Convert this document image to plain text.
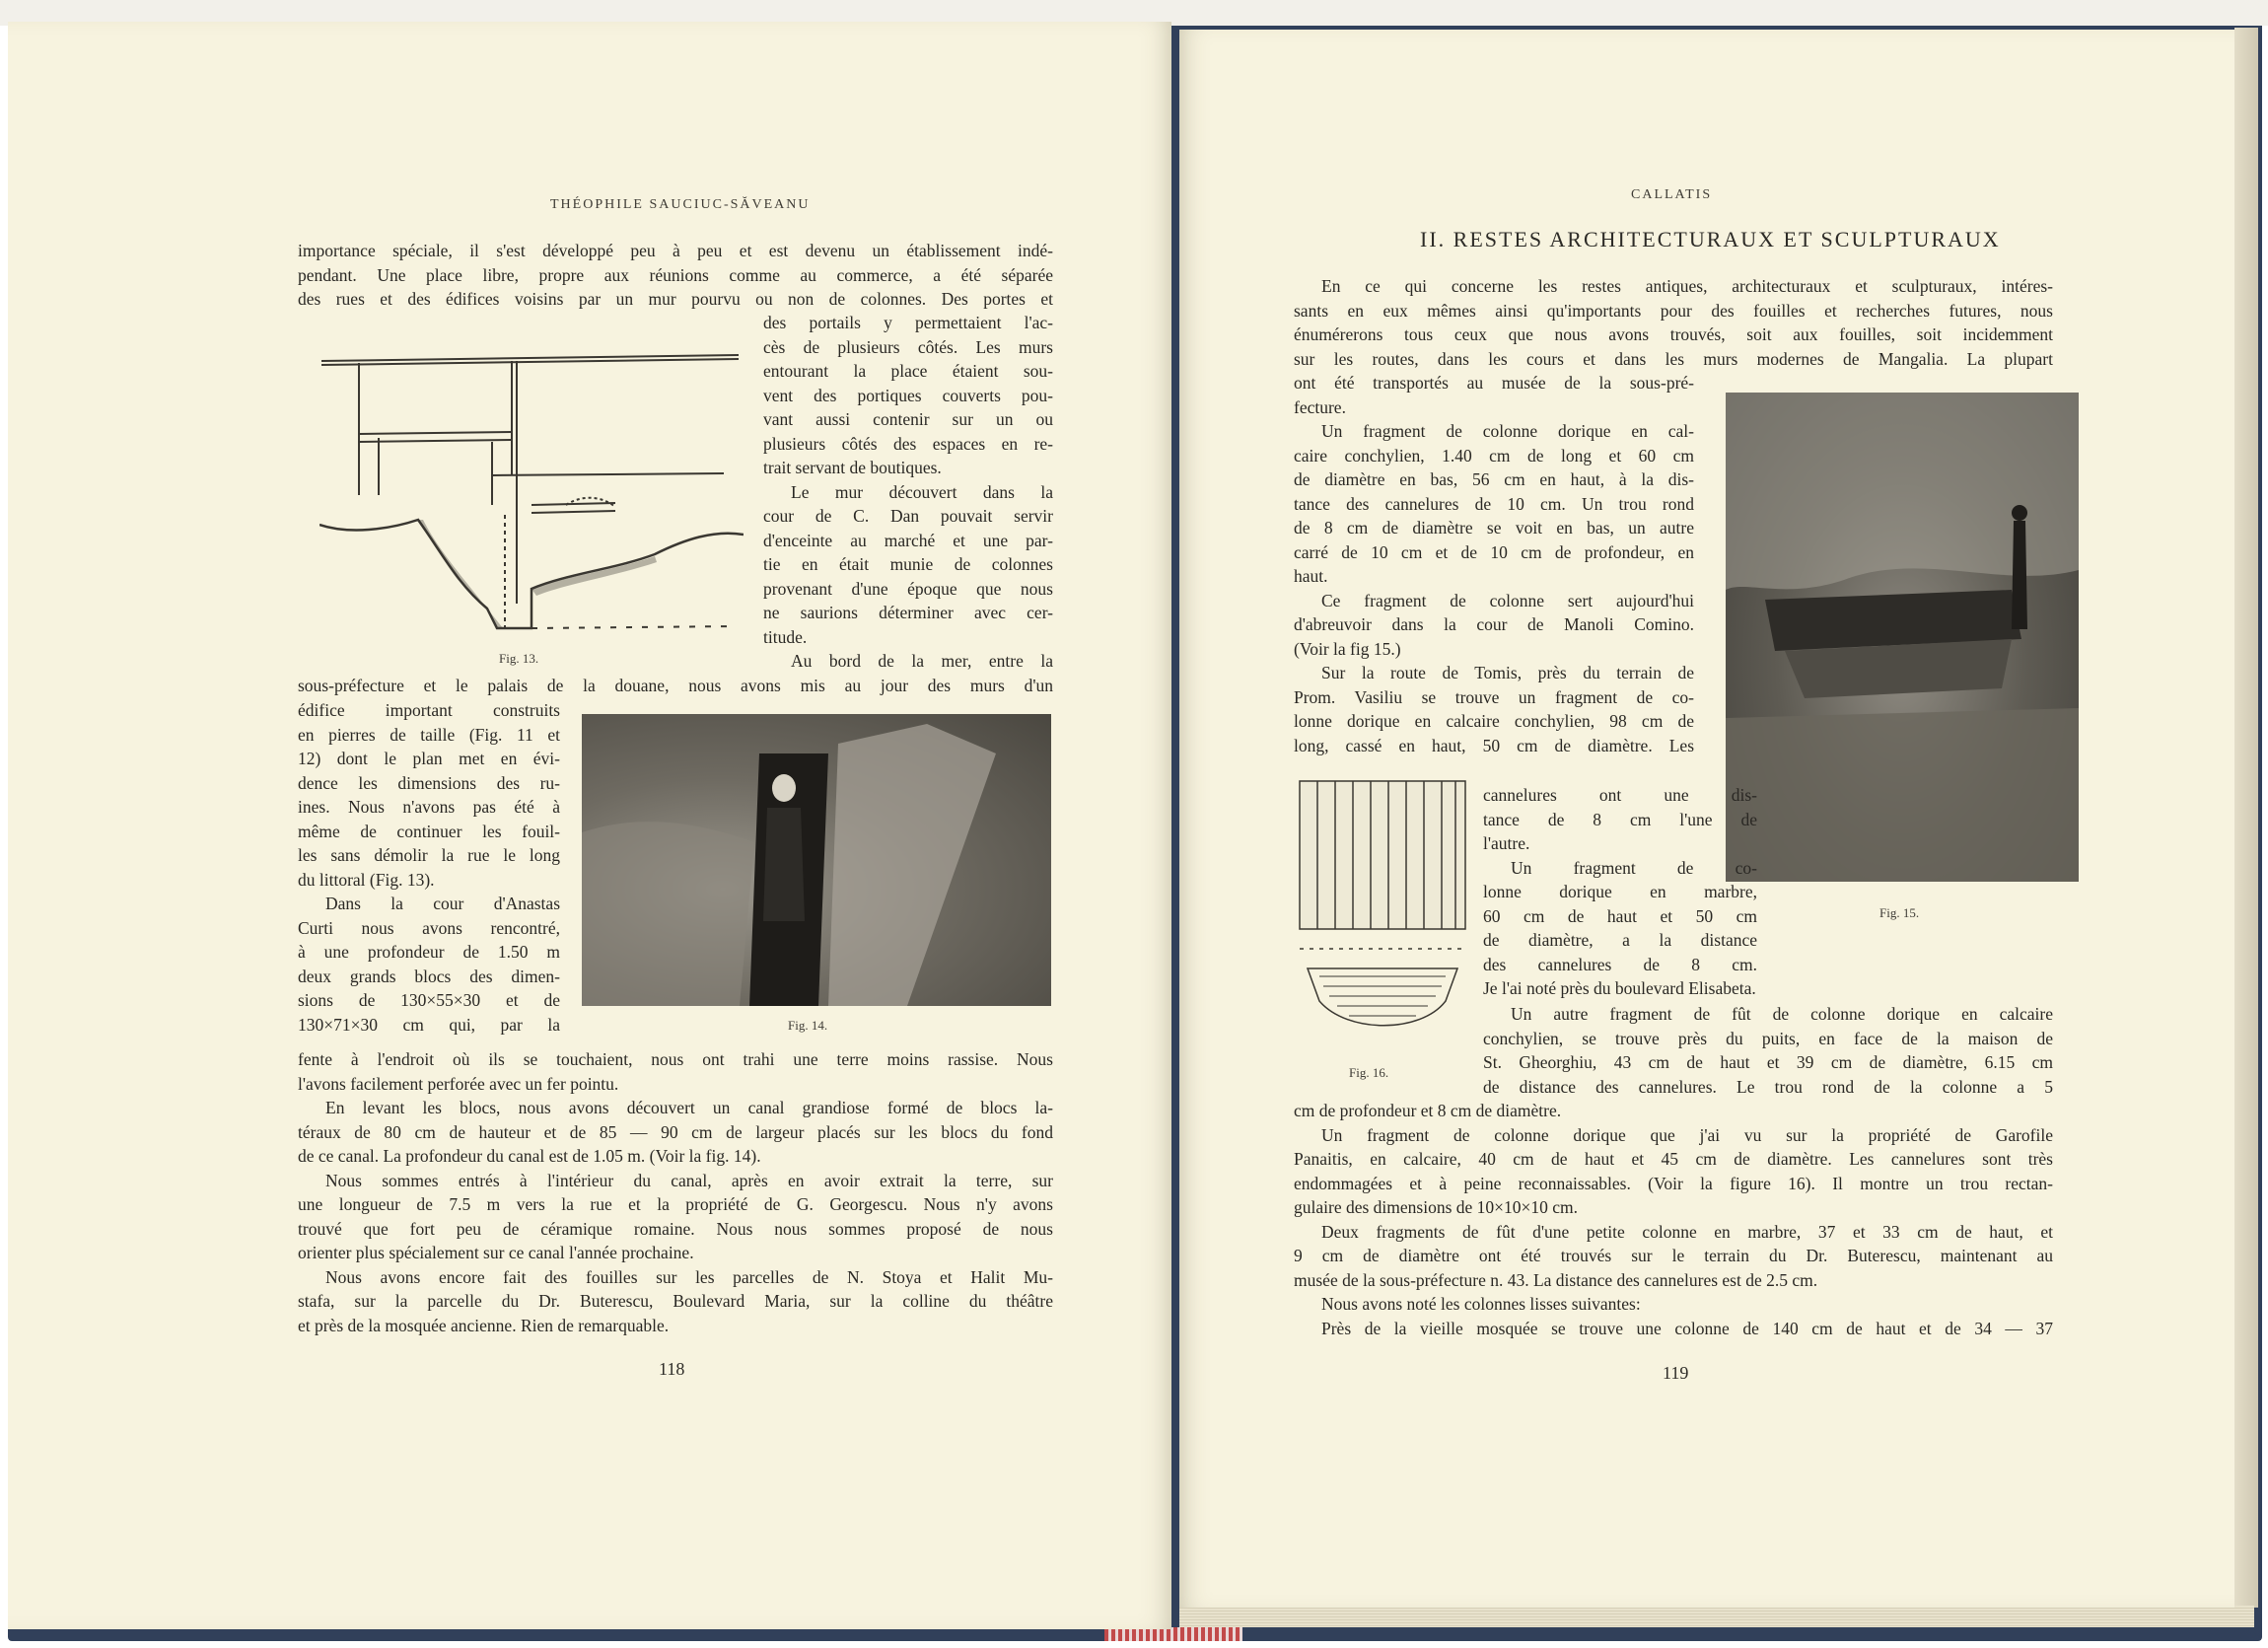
THÉOPHILE SAUCIUC-SĂVEANU
importance spéciale, il s'est développé peu à peu et est devenu un établissement indé-
pendant. Une place libre, propre aux réunions comme au commerce, a été séparée
des rues et des édifices voisins par un mur pourvu ou non de colonnes. Des portes et
Fig. 13.
des portails y permettaient l'ac-
cès de plusieurs côtés. Les murs
entourant la place étaient sou-
vent des portiques couverts pou-
vant aussi contenir sur un ou
plusieurs côtés des espaces en re-
trait servant de boutiques.
Le mur découvert dans la
cour de C. Dan pouvait servir
d'enceinte au marché et une par-
tie en était munie de colonnes
provenant d'une époque que nous
ne saurions déterminer avec cer-
titude.
Au bord de la mer, entre la
sous-préfecture et le palais de la douane, nous avons mis au jour des murs d'un
édifice important construits
en pierres de taille (Fig. 11 et
12) dont le plan met en évi-
dence les dimensions des ru-
ines. Nous n'avons pas été à
même de continuer les fouil-
les sans démolir la rue le long
du littoral (Fig. 13).
Dans la cour d'Anastas
Curti nous avons rencontré,
à une profondeur de 1.50 m
deux grands blocs des dimen-
sions de 130×55×30 et de
130×71×30 cm qui, par la	Fig. 14.
fente à l'endroit où ils se touchaient, nous ont trahi une terre moins rassise. Nous
l'avons facilement perforée avec un fer pointu.
En levant les blocs, nous avons découvert un canal grandiose formé de blocs la-
téraux de 80 cm de hauteur et de 85 — 90 cm de largeur placés sur les blocs du fond
de ce canal. La profondeur du canal est de 1.05 m. (Voir la fig. 14).
Nous sommes entrés à l'intérieur du canal, après en avoir extrait la terre, sur
une longueur de 7.5 m vers la rue et la propriété de G. Georgescu. Nous n'y avons
trouvé que fort peu de céramique romaine. Nous nous sommes proposé de nous
orienter plus spécialement sur ce canal l'année prochaine.
Nous avons encore fait des fouilles sur les parcelles de N. Stoya et Halit Mu-
stafa, sur la parcelle du Dr. Buterescu, Boulevard Maria, sur la colline du théâtre
et près de la mosquée ancienne. Rien de remarquable.
118
CALLATIS
II. RESTES ARCHITECTURAUX ET SCULPTURAUX
En ce qui concerne les restes antiques, architecturaux et sculpturaux, intéres-
sants en eux mêmes ainsi qu'importants pour des fouilles et recherches futures, nous
énumérerons tous ceux que nous avons trouvés, soit aux fouilles, soit incidemment
sur les routes, dans les cours et dans les murs modernes de Mangalia. La plupart
ont été transportés au musée de la sous-pré-
fecture.
Un fragment de colonne dorique en cal-
caire conchylien, 1.40 cm de long et 60 cm
de diamètre en bas, 56 cm en haut, à la dis-
tance des cannelures de 10 cm. Un trou rond
de 8 cm de diamètre se voit en bas, un autre
carré de 10 cm et de 10 cm de profondeur, en
haut.
Ce fragment de colonne sert aujourd'hui
d'abreuvoir dans la cour de Manoli Comino.
(Voir la fig 15.)
Sur la route de Tomis, près du terrain de
Prom. Vasiliu se trouve un fragment de co-
lonne dorique en calcaire conchylien, 98 cm de
long, cassé en haut, 50 cm de diamètre. Les
Fig. 15.
Fig. 16.
cannelures ont une dis-
tance de 8 cm l'une de
l'autre.
Un fragment de co-
lonne dorique en marbre,
60 cm de haut et 50 cm
de diamètre, a la distance
des cannelures de 8 cm.
Je l'ai noté près du boulevard Elisabeta.
Un autre fragment de fût de colonne dorique en calcaire
conchylien, se trouve près du puits, en face de la maison de
St. Gheorghiu, 43 cm de haut et 39 cm de diamètre, 6.15 cm
de distance des cannelures. Le trou rond de la colonne a 5
cm de profondeur et 8 cm de diamètre.
Un fragment de colonne dorique que j'ai vu sur la propriété de Garofile
Panaitis, en calcaire, 40 cm de haut et 45 cm de diamètre. Les cannelures sont très
endommagées et à peine reconnaissables. (Voir la figure 16). Il montre un trou rectan-
gulaire des dimensions de 10×10×10 cm.
Deux fragments de fût d'une petite colonne en marbre, 37 et 33 cm de haut, et
9 cm de diamètre ont été trouvés sur le terrain du Dr. Buterescu, maintenant au
musée de la sous-préfecture n. 43. La distance des cannelures est de 2.5 cm.
Nous avons noté les colonnes lisses suivantes:
Près de la vieille mosquée se trouve une colonne de 140 cm de haut et de 34 — 37
119
